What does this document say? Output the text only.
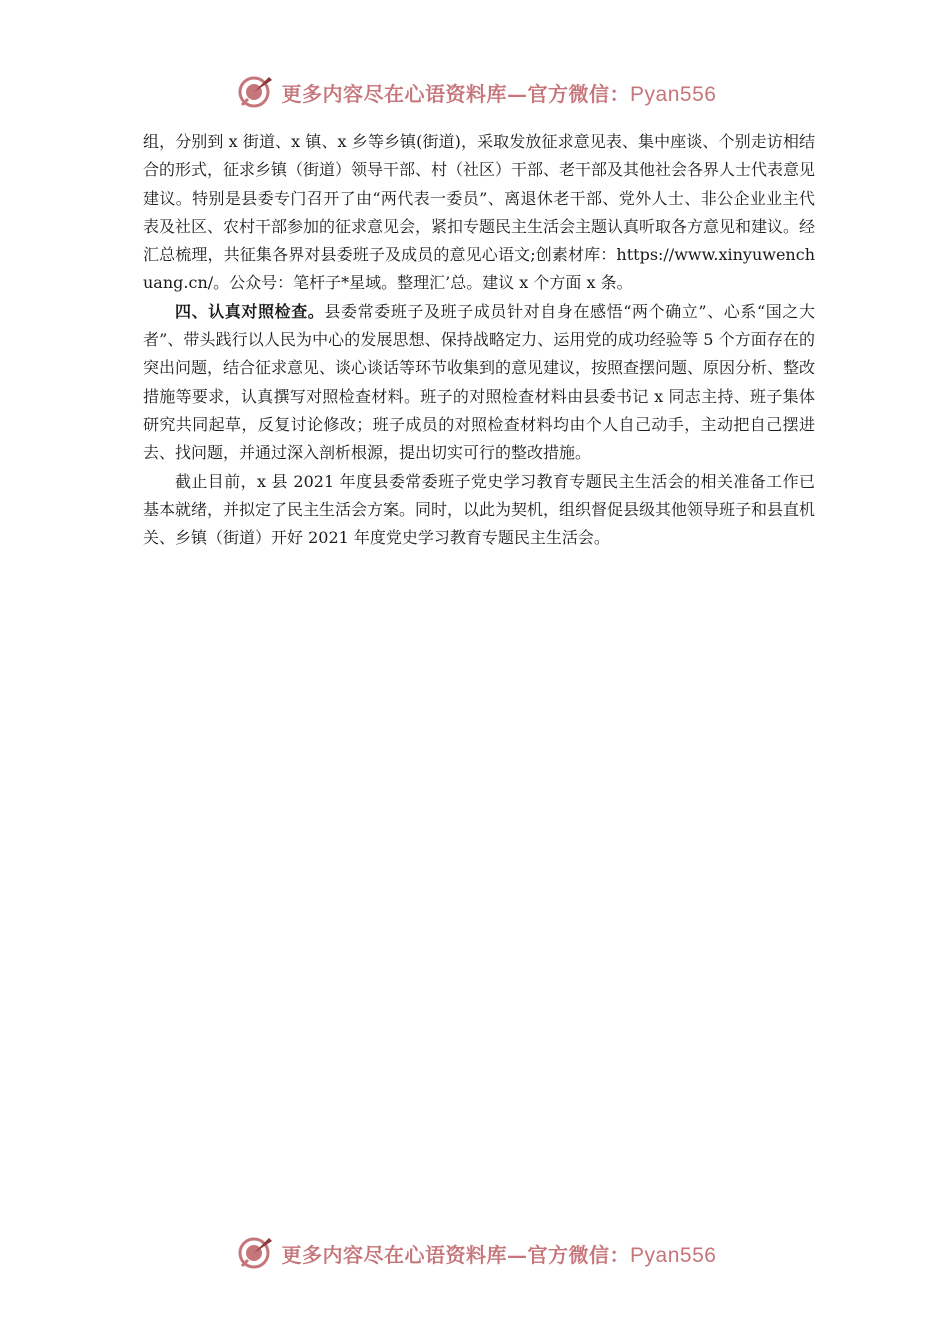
更多内容尽在心语资料库—官方微信：Pyan556

组，分别到 x 街道、x 镇、x 乡等乡镇(街道)，采取发放征求意见表、集中座谈、个别走访相结合的形式，征求乡镇（街道）领导干部、村（社区）干部、老干部及其他社会各界人士代表意见建议。特别是县委专门召开了由“两代表一委员”、离退休老干部、党外人士、非公企业业主代表及社区、农村干部参加的征求意见会，紧扣专题民主生活会主题认真听取各方意见和建议。经汇总梳理，共征集各界对县委班子及成员的意见心语文;创素材库：https://www.xinyuwenchuang.cn/。公众号：笔杆子*星域。整理汇’总。建议 x 个方面 x 条。

四、认真对照检查。县委常委班子及班子成员针对自身在感悟“两个确立”、心系“国之大者”、带头践行以人民为中心的发展思想、保持战略定力、运用党的成功经验等 5 个方面存在的突出问题，结合征求意见、谈心谈话等环节收集到的意见建议，按照查摆问题、原因分析、整改措施等要求，认真撰写对照检查材料。班子的对照检查材料由县委书记 x 同志主持、班子集体研究共同起草，反复讨论修改；班子成员的对照检查材料均由个人自己动手，主动把自己摆进去、找问题，并通过深入剖析根源，提出切实可行的整改措施。

截止目前，x 县 2021 年度县委常委班子党史学习教育专题民主生活会的相关准备工作已基本就绪，并拟定了民主生活会方案。同时，以此为契机，组织督促县级其他领导班子和县直机关、乡镇（街道）开好 2021 年度党史学习教育专题民主生活会。

更多内容尽在心语资料库—官方微信：Pyan556
